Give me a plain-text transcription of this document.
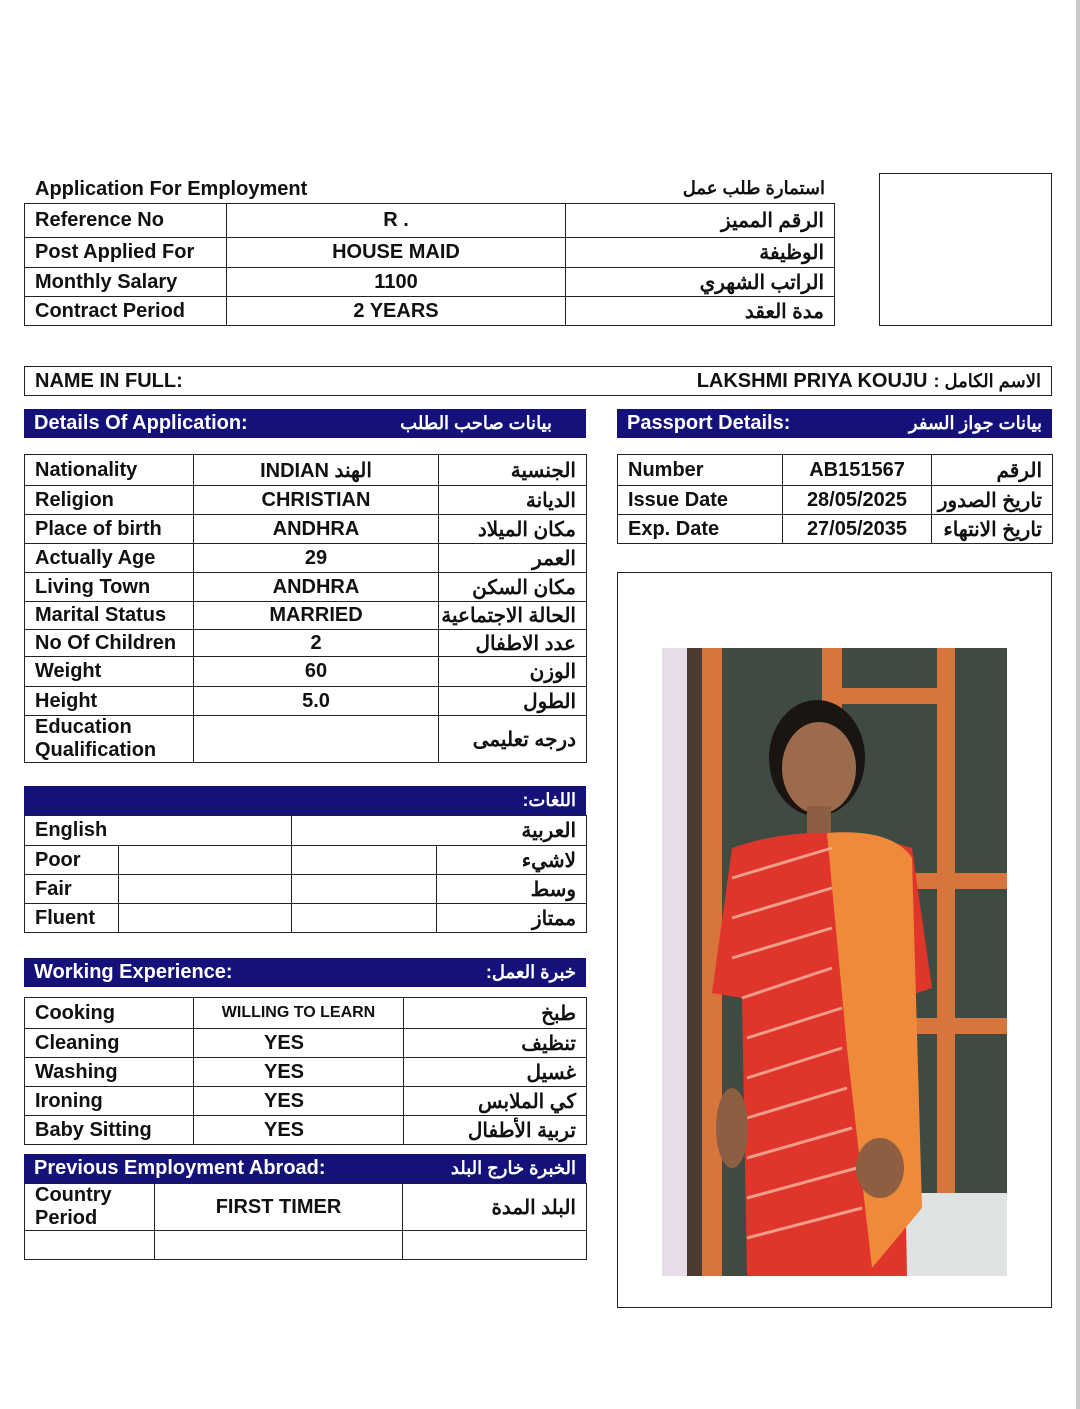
Application For Employment	استمارة طلب عمل
Reference No	R .	الرقم المميز
Post Applied For	HOUSE MAID	الوظيفة
Monthly Salary	1100	الراتب الشهري
Contract Period	2 YEARS	مدة العقد
NAME IN FULL:	LAKSHMI PRIYA KOUJU الاسم الكامل :
Details Of Application:	بيانات صاحب الطلب	Passport Details:	بيانات جواز السفر
Nationality	INDIAN الهند	الجنسية
Religion	CHRISTIAN	الديانة
Place of birth	ANDHRA	مكان الميلاد
Actually Age	29	العمر
Living Town	ANDHRA	مكان السكن
Marital Status	MARRIED	الحالة الاجتماعية
No Of Children	2	عدد الاطفال
Weight	60	الوزن
Height	5.0	الطول

Education
Qualification		درجه تعليمى
Number	AB151567	الرقم
Issue Date	28/05/2025	تاريخ الصدور
Exp. Date	27/05/2035	تاريخ الانتهاء
اللغات:
English		العربية	
Poor			لاشيء
Fair			وسط
Fluent			ممتاز
Working Experience:	خبرة العمل:
Cooking	WILLING TO LEARN	طبخ
Cleaning	YES	تنظيف
Washing	YES	غسيل
Ironing	YES	كي الملابس
Baby Sitting	YES	تربية الأطفال
Previous Employment Abroad:	الخبرة خارج البلد
Country
Period	FIRST TIMER	البلد المدة
